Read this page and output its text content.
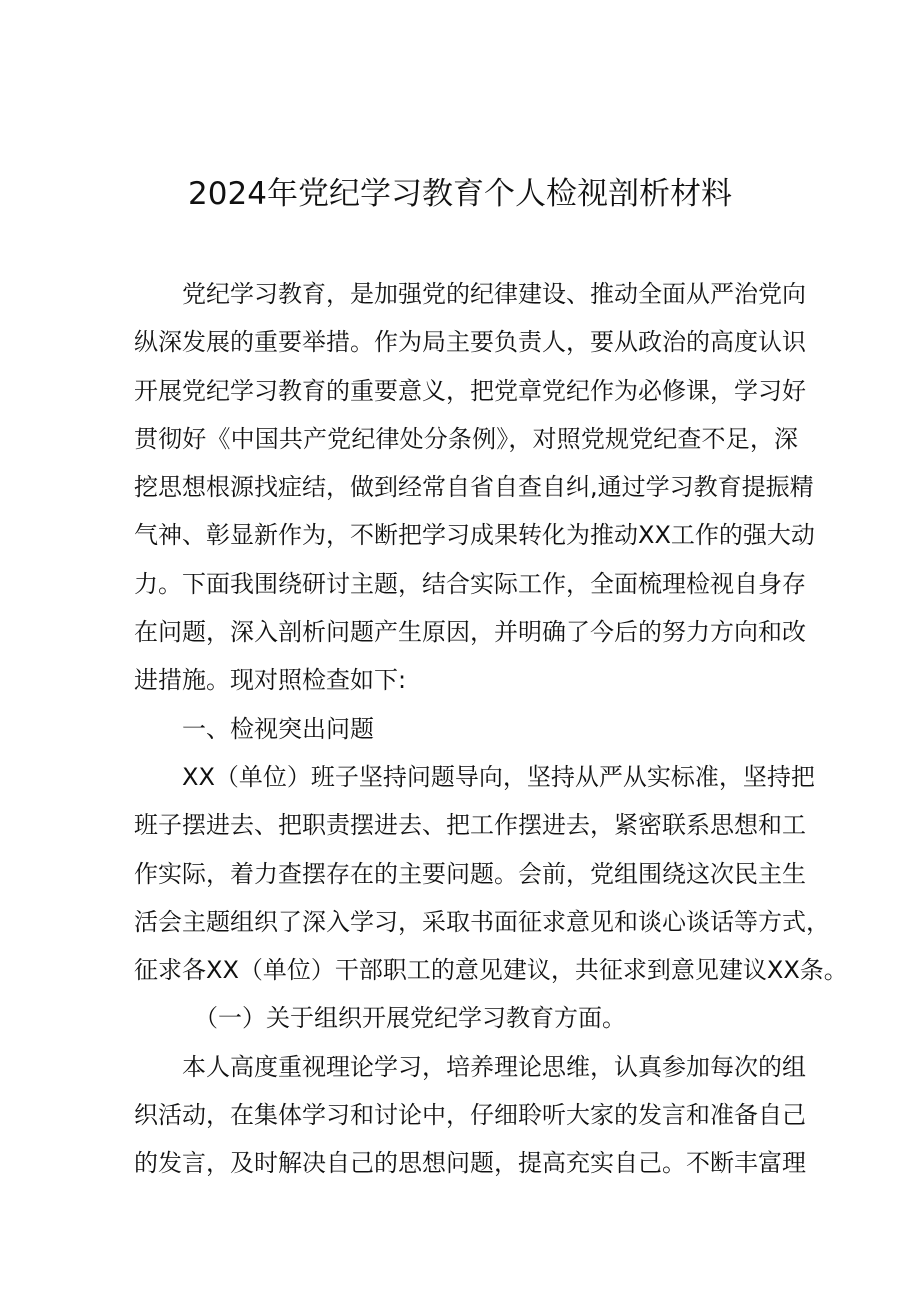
2024年党纪学习教育个人检视剖析材料
党纪学习教育，是加强党的纪律建设、推动全面从严治党向
纵深发展的重要举措。作为局主要负责人，要从政治的高度认识
开展党纪学习教育的重要意义，把党章党纪作为必修课，学习好
贯彻好《中国共产党纪律处分条例》，对照党规党纪查不足，深
挖思想根源找症结，做到经常自省自查自纠,通过学习教育提振精
气神、彰显新作为，不断把学习成果转化为推动XX工作的强大动
力。下面我围绕研讨主题，结合实际工作，全面梳理检视自身存
在问题，深入剖析问题产生原因，并明确了今后的努力方向和改
进措施。现对照检查如下:
一、检视突出问题
XX（单位）班子坚持问题导向，坚持从严从实标准，坚持把
班子摆进去、把职责摆进去、把工作摆进去，紧密联系思想和工
作实际，着力查摆存在的主要问题。会前，党组围绕这次民主生
活会主题组织了深入学习，采取书面征求意见和谈心谈话等方式，
征求各XX（单位）干部职工的意见建议，共征求到意见建议XX条。
（一）关于组织开展党纪学习教育方面。
本人高度重视理论学习，培养理论思维，认真参加每次的组
织活动，在集体学习和讨论中，仔细聆听大家的发言和准备自己
的发言，及时解决自己的思想问题，提高充实自己。不断丰富理
